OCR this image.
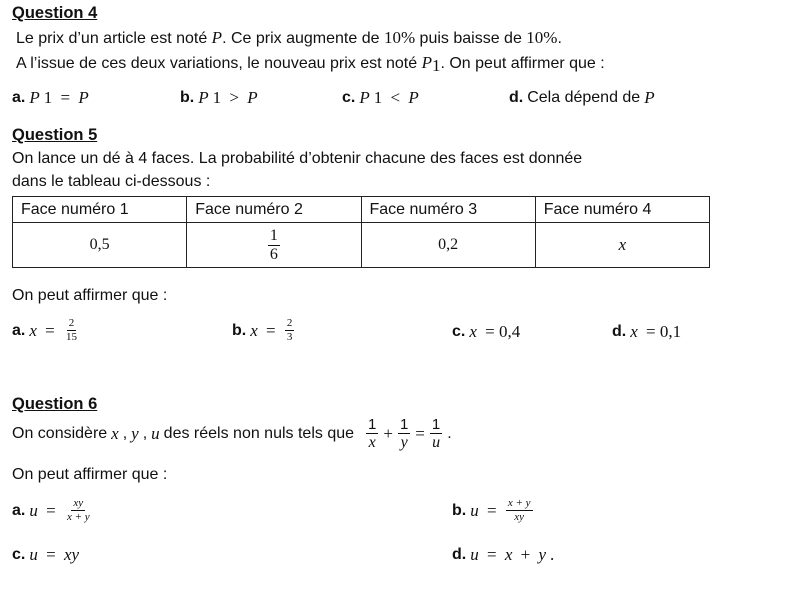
Question 4
Le prix d’un article est noté P. Ce prix augmente de 10% puis baisse de 10%.
A l’issue de ces deux variations, le nouveau prix est noté $P_1$. On peut affirmer que :
a. P 1 = P	b. P 1 > P	c. P 1 < P	d. Cela dépend de P
Question 5
On lance un dé à 4 faces. La probabilité d’obtenir chacune des faces est donnée
dans le tableau ci-dessous :
Face numéro 1	Face numéro 2	Face numéro 3	Face numéro 4
0,5	$\frac{1}{6}$	0,2	x
On peut affirmer que :
a. $x = \frac{2}{15}$	b. $x = \frac{2}{3}$	c. x = 0,4	d. x = 0,1
Question 6
On considère x , y , u des réels non nuls tels que $\frac{1}{x} + \frac{1}{y} = \frac{1}{u}$ .
On peut affirmer que :
a. $u = \frac{xy}{x + y}$	b. $u = \frac{x + y}{xy}$
c. u = xy	d. u = x + y .
